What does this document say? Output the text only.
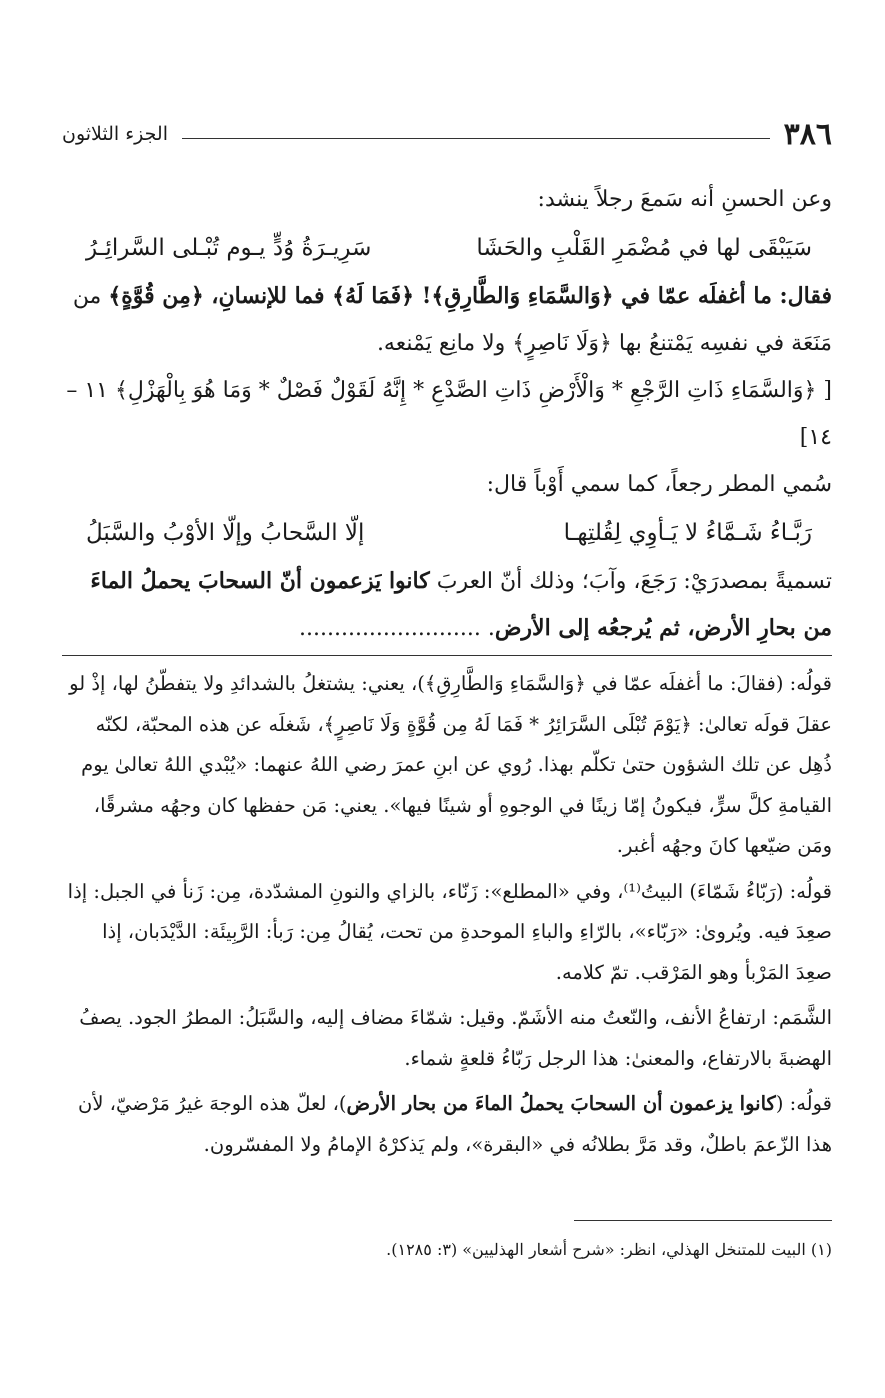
٣٨٦
الجزء الثلاثون

وعن الحسنِ أنه سَمعَ رجلاً ينشد:

سَيَبْقَى لها في مُضْمَرِ القَلْبِ والحَشَا
سَرِيـرَةُ وُدٍّ يـوم تُبْـلى السَّرائِـرُ

فقال: ما أغفلَه عمّا في ﴿وَالسَّمَاءِ وَالطَّارِقِ﴾! ﴿فَمَا لَهُ﴾ فما للإنسانِ، ﴿مِن قُوَّةٍ﴾ من مَنَعَة في نفسِه يَمْتنعُ بها ﴿وَلَا نَاصِرٍ﴾ ولا مانِع يَمْنعه.

[ ﴿وَالسَّمَاءِ ذَاتِ الرَّجْعِ * وَالْأَرْضِ ذَاتِ الصَّدْعِ * إِنَّهُ لَقَوْلٌ فَصْلٌ * وَمَا هُوَ بِالْهَزْلِ﴾ ١١ – ١٤]

سُمي المطر رجعاً، كما سمي أَوْباً قال:

رَبَّـاءُ شَـمَّاءُ لا يَـأوِي لِقُلتِهـا
إلّا السَّحابُ وإلّا الأوْبُ والسَّبَلُ

تسميةً بمصدرَيْ: رَجَعَ، وآبَ؛ وذلك أنّ العربَ كانوا يَزعمون أنّ السحابَ يحملُ الماءَ من بحارِ الأرض، ثم يُرجعُه إلى الأرض. ..........................

قولُه: (فقالَ: ما أغفلَه عمّا في ﴿وَالسَّمَاءِ وَالطَّارِقِ﴾)، يعني: يشتغلُ بالشدائدِ ولا يتفطّنُ لها، إذْ لو عقلَ قولَه تعالىٰ: ﴿يَوْمَ تُبْلَى السَّرَائِرُ * فَمَا لَهُ مِن قُوَّةٍ وَلَا نَاصِرٍ﴾، شَغلَه عن هذه المحبّة، لكنّه ذُهِل عن تلك الشؤون حتىٰ تكلّم بهذا. رُوي عن ابنِ عمرَ رضي اللهُ عنهما: «يُبْدي اللهُ تعالىٰ يوم القيامةِ كلَّ سرٍّ، فيكونُ إمّا زينًا في الوجوهِ أو شينًا فيها». يعني: مَن حفظها كان وجهُه مشرقًا، ومَن ضيّعها كانَ وجهُه أغبر.

قولُه: (رَبّاءُ شَمّاءَ) البيتُ⁽¹⁾، وفي «المطلع»: زَنّاء، بالزاي والنونِ المشدّدة، مِن: زَنأ في الجبل: إذا صعِدَ فيه. ويُروىٰ: «رَبّاء»، بالرّاءِ والباءِ الموحدةِ من تحت، يُقالُ مِن: رَبأ: الرَّبِيئَة: الدَّيْدَبان، إذا صعِدَ المَرْبأ وهو المَرْقب. تمّ كلامه.

الشَّمَم: ارتفاعُ الأنف، والنّعتُ منه الأشَمّ. وقيل: شمّاءَ مضاف إليه، والسَّبَلُ: المطرُ الجود. يصفُ الهضبةَ بالارتفاع، والمعنىٰ: هذا الرجل رَبّاءُ قلعةٍ شماء.

قولُه: (كانوا يزعمون أن السحابَ يحملُ الماءَ من بحار الأرض)، لعلّ هذه الوجهَ غيرُ مَرْضيّ، لأن هذا الزّعمَ باطلٌ، وقد مَرَّ بطلانُه في «البقرة»، ولم يَذكرْهُ الإمامُ ولا المفسّرون.

(١) البيت للمتنخل الهذلي، انظر: «شرح أشعار الهذليين» (٣: ١٢٨٥).
